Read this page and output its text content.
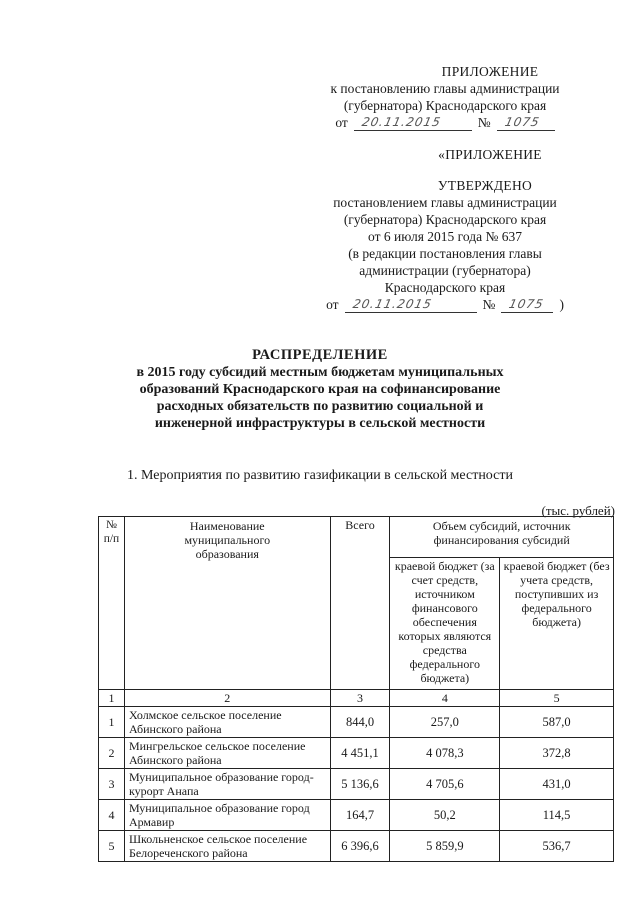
ПРИЛОЖЕНИЕ
к постановлению главы администрации
(губернатора) Краснодарского края
от 20.11.2015	№ 1075
«ПРИЛОЖЕНИЕ
УТВЕРЖДЕНО
постановлением главы администрации
(губернатора) Краснодарского края
от 6 июля 2015 года № 637
(в редакции постановления главы
администрации (губернатора)
Краснодарского края
от 20.11.2015	№ 1075 )
РАСПРЕДЕЛЕНИЕ
в 2015 году субсидий местным бюджетам муниципальных
образований Краснодарского края на софинансирование
расходных обязательств по развитию социальной и
инженерной инфраструктуры в сельской местности
1. Мероприятия по развитию газификации в сельской местности
(тыс. рублей)
№ п/п	Наименование муниципального образования	Всего	Объем субсидий, источник финансирования субсидий	
			краевой бюджет (за счет средств, источником финансового обеспечения которых являются средства федерального бюджета)	краевой бюджет (без учета средств, поступивших из федерального бюджета)
1	2	3	4	5
1	Холмское сельское поселение Абинского района	844,0	257,0	587,0
2	Мингрельское сельское поселение Абинского района	4 451,1	4 078,3	372,8
3	Муниципальное образование город-курорт Анапа	5 136,6	4 705,6	431,0
4	Муниципальное образование город Армавир	164,7	50,2	114,5
5	Школьненское сельское поселение Белореченского района	6 396,6	5 859,9	536,7
